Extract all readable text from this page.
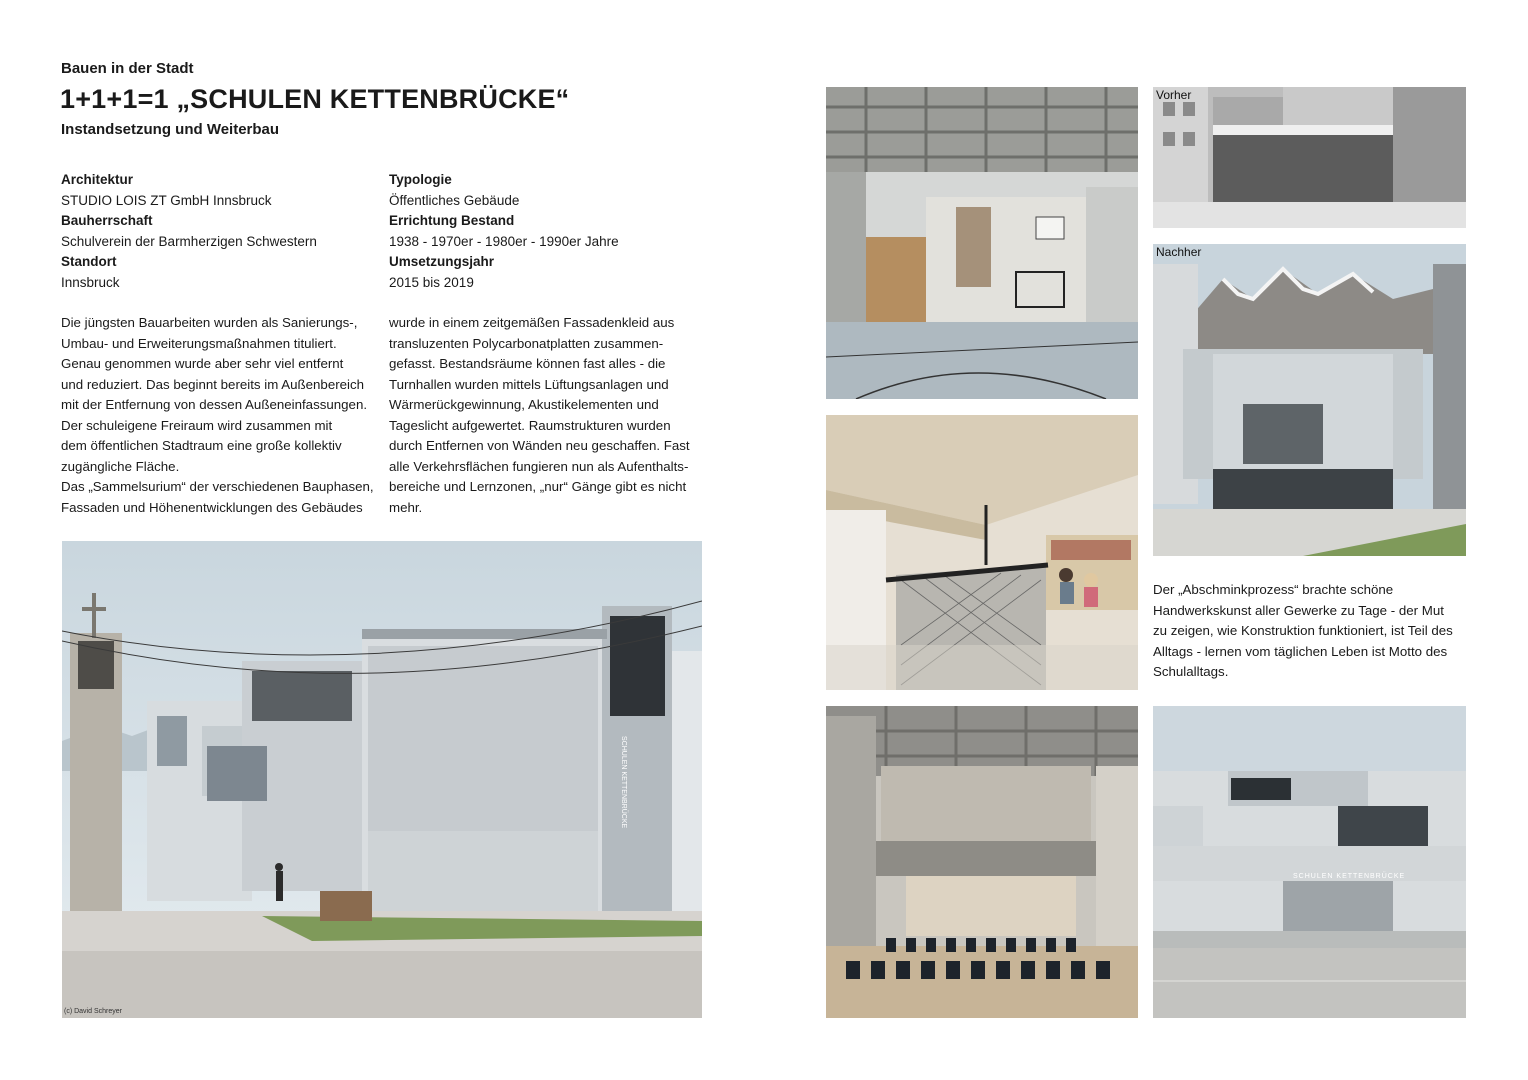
Bauen in der Stadt
1+1+1=1 „SCHULEN KETTENBRÜCKE“
Instandsetzung und Weiterbau
Architektur
STUDIO LOIS ZT GmbH Innsbruck
Bauherrschaft
Schulverein der Barmherzigen Schwestern
Standort
Innsbruck
Typologie
Öffentliches Gebäude
Errichtung Bestand
1938 - 1970er - 1980er - 1990er Jahre
Umsetzungsjahr
2015 bis 2019

Die jüngsten Bauarbeiten wurden als Sanierungs-,

Umbau- und Erweiterungsmaßnahmen tituliert.

Genau genommen wurde aber sehr viel entfernt

und reduziert. Das beginnt bereits im Außenbereich

mit der Entfernung von dessen Außeneinfassungen.

Der schuleigene Freiraum wird zusammen mit

dem öffentlichen Stadtraum eine große kollektiv

zugängliche Fläche.

Das „Sammelsurium“ der verschiedenen Bauphasen,

Fassaden und Höhenentwicklungen des Gebäudes

wurde in einem zeitgemäßen Fassadenkleid aus

transluzenten Polycarbonatplatten zusammen-

gefasst. Bestandsräume können fast alles - die

Turnhallen wurden mittels Lüftungsanlagen und

Wärmerückgewinnung, Akustikelementen und

Tageslicht aufgewertet. Raumstrukturen wurden

durch Entfernen von Wänden neu geschaffen. Fast

alle Verkehrsflächen fungieren nun als Aufenthalts-

bereiche und Lernzonen, „nur“ Gänge gibt es nicht

mehr.

SCHULEN KETTENBRÜCKE
(c) David Schreyer
Vorher
Nachher

Der „Abschminkprozess“ brachte schöne

Handwerkskunst aller Gewerke zu Tage - der Mut

zu zeigen, wie Konstruktion funktioniert, ist Teil des

Alltags - lernen vom täglichen Leben ist Motto des

Schulalltags.

SCHULEN KETTENBRÜCKE
